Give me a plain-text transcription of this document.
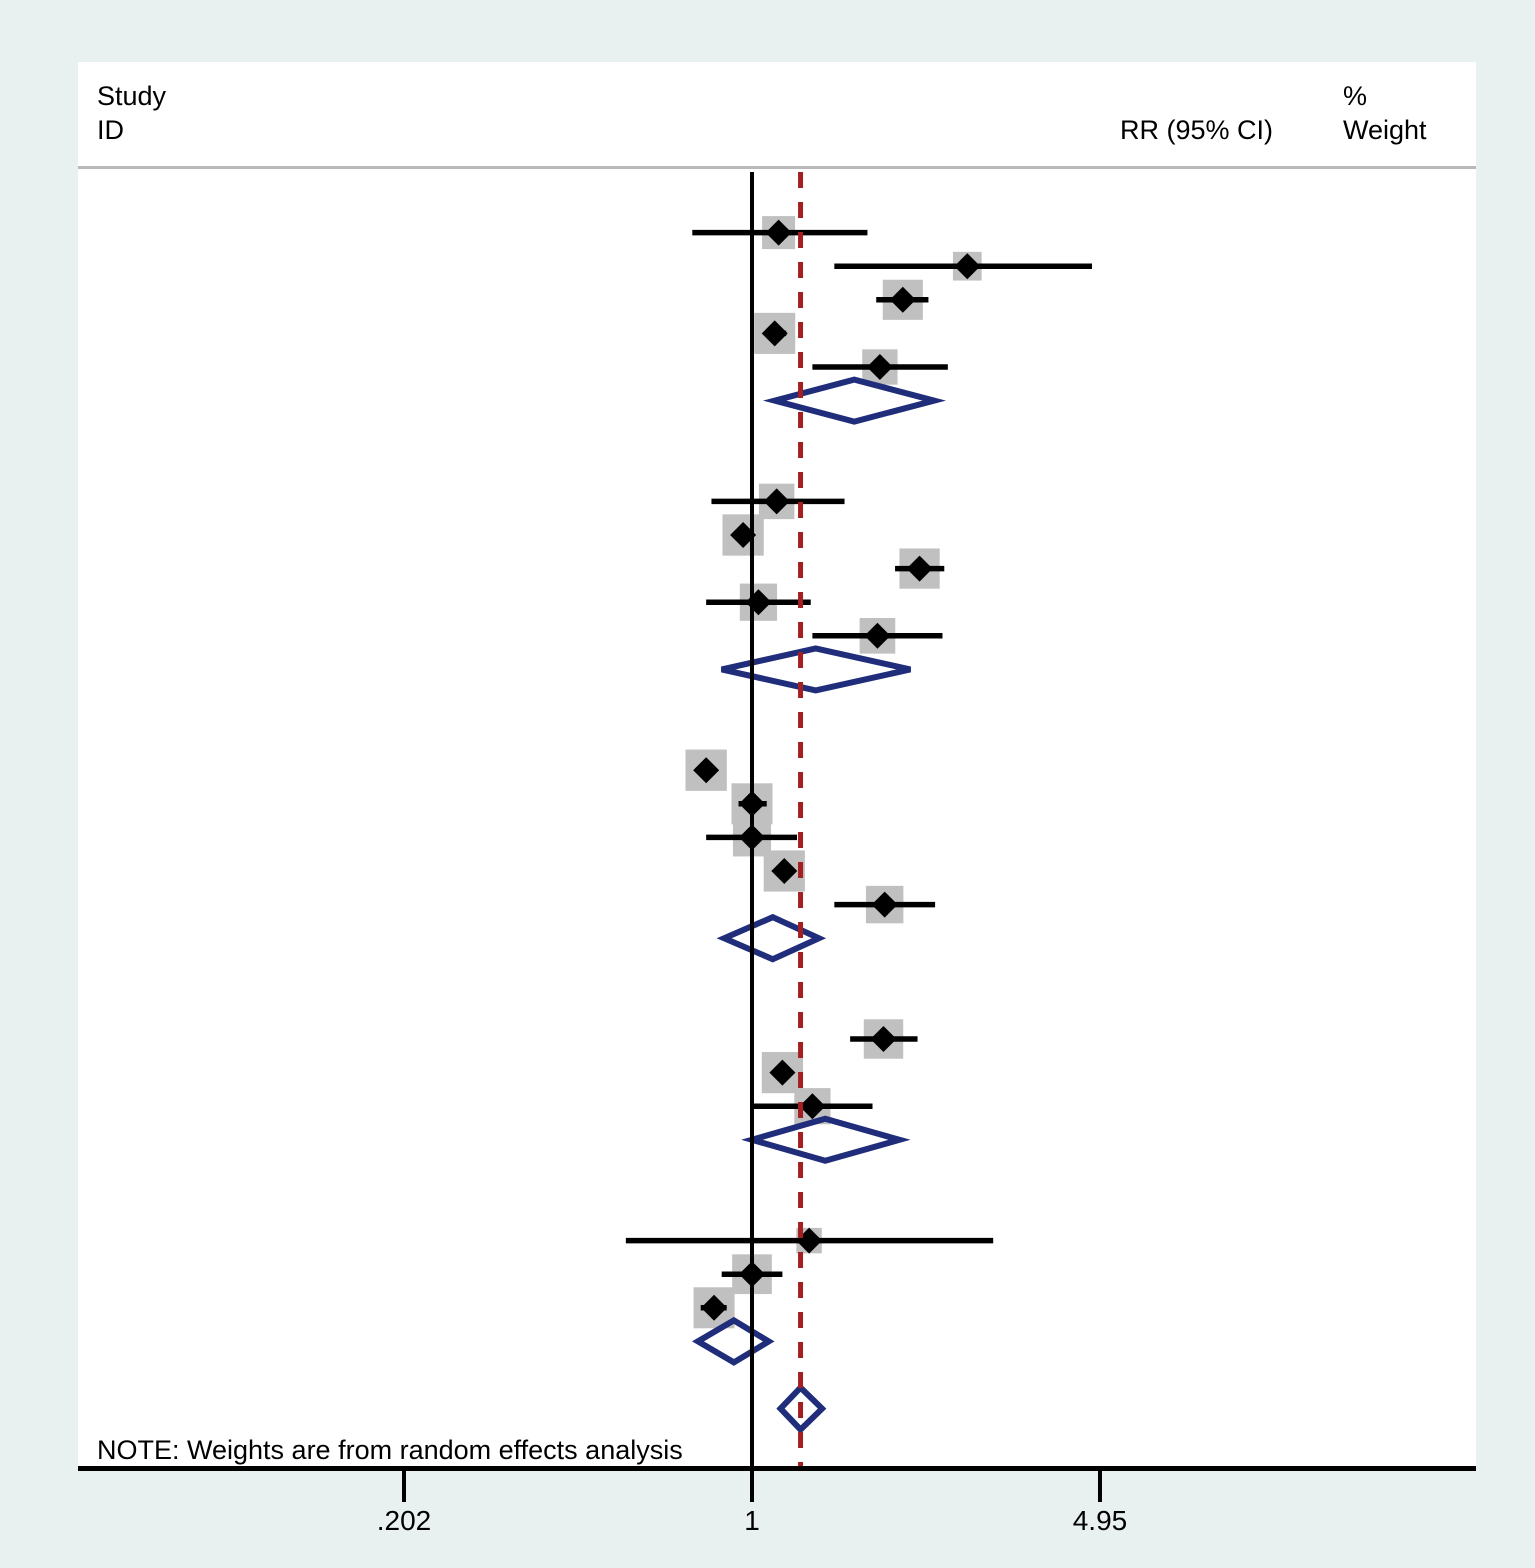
Study
ID	RR (95% CI)
%
Weight
NOTE: Weights are from random effects analysis
.202	1	4.95
